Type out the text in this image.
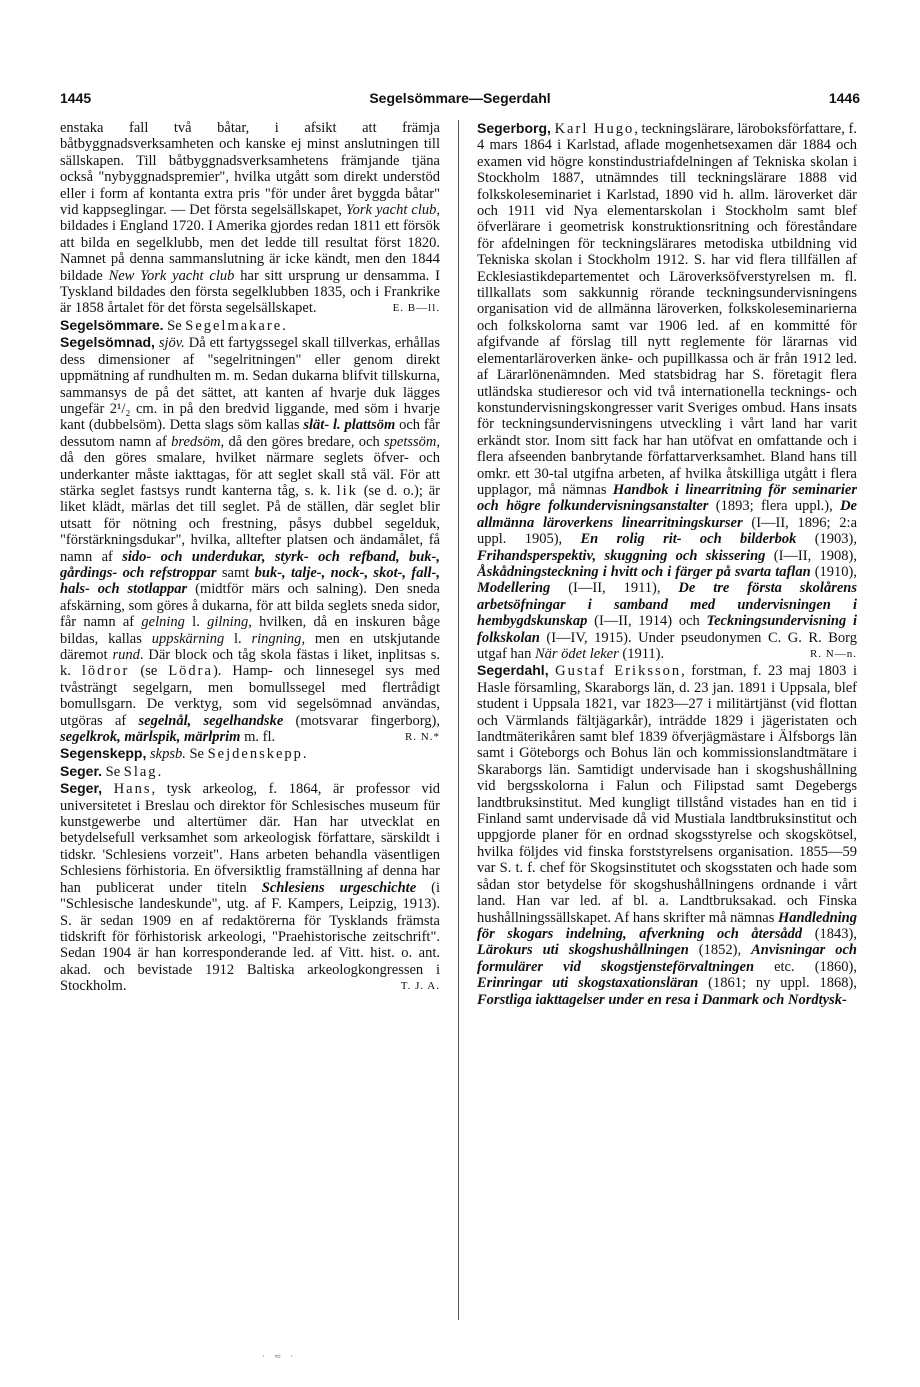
1445	Segelsömmare—Segerdahl	1446

enstaka fall två båtar, i afsikt att främja båtbyggnadsverksamheten och kanske ej minst anslutningen till sällskapen. Till båtbyggnadsverksamhetens främjande tjäna också "nybyggnadspremier", hvilka utgått som direkt understöd eller i form af kontanta extra pris "för under året byggda båtar" vid kappseglingar. — Det första segelsällskapet, York yacht club, bildades i England 1720. I Amerika gjordes redan 1811 ett försök att bilda en segelklubb, men det ledde till resultat först 1820. Namnet på denna sammanslutning är icke kändt, men den 1844 bildade New York yacht club har sitt ursprung ur densamma. I Tyskland bildades den första segelklubben 1835, och i Frankrike är 1858 årtalet för det första segelsällskapet.	E. B—ll.

Segelsömmare. Se Segelmakare.

Segelsömnad, sjöv. Då ett fartygssegel skall tillverkas, erhållas dess dimensioner af "segelritningen" eller genom direkt uppmätning af rundhulten m. m. Sedan dukarna blifvit tillskurna, sammansys de på det sättet, att kanten af hvarje duk lägges ungefär 2¹/₂ cm. in på den bredvid liggande, med söm i hvarje kant (dubbelsöm). Detta slags söm kallas slät- l. plattsöm och får dessutom namn af bredsöm, då den göres bredare, och spetssöm, då den göres smalare, hvilket närmare seglets öfver- och underkanter måste iakttagas, för att seglet skall stå väl. För att stärka seglet fastsys rundt kanterna tåg, s. k. lik (se d. o.); är liket klädt, märlas det till seglet. På de ställen, där seglet blir utsatt för nötning och frestning, påsys dubbel segelduk, "förstärkningsdukar", hvilka, alltefter platsen och ändamålet, få namn af sido- och underdukar, styrk- och refband, buk-, gårdings- och refstroppar samt buk-, talje-, nock-, skot-, fall-, hals- och stotlappar (midtför märs och salning). Den sneda afskärning, som göres å dukarna, för att bilda seglets sneda sidor, får namn af gelning l. gilning, hvilken, då en inskuren båge bildas, kallas uppskärning l. ringning, men en utskjutande däremot rund. Där block och tåg skola fästas i liket, inplitsas s. k. lödror (se Lödra). Hamp- och linnesegel sys med tvåsträngt segelgarn, men bomullssegel med flertrådigt bomullsgarn. De verktyg, som vid segelsömnad användas, utgöras af segelnål, segelhandske (motsvarar fingerborg), segelkrok, märlspik, märlprim m. fl.	R. N.*

Segenskepp, skpsb. Se Sejdenskepp.

Seger. Se Slag.

Seger, Hans, tysk arkeolog, f. 1864, är professor vid universitetet i Breslau och direktor för Schlesisches museum für kunstgewerbe und altertümer där. Han har utvecklat en betydelsefull verksamhet som arkeologisk författare, särskildt i tidskr. 'Schlesiens vorzeit". Hans arbeten behandla väsentligen Schlesiens förhistoria. En öfversiktlig framställning af denna har han publicerat under titeln Schlesiens urgeschichte (i "Schlesische landeskunde", utg. af F. Kampers, Leipzig, 1913). S. är sedan 1909 en af redaktörerna för Tysklands främsta tidskrift för förhistorisk arkeologi, "Praehistorische zeitschrift". Sedan 1904 är han korresponderande led. af Vitt. hist. o. ant. akad. och bevistade 1912 Baltiska arkeologkongressen i Stockholm.	T. J. A.

Segerborg, Karl Hugo, teckningslärare, läroboksförfattare, f. 4 mars 1864 i Karlstad, aflade mogenhetsexamen där 1884 och examen vid högre konstindustriafdelningen af Tekniska skolan i Stockholm 1887, utnämndes till teckningslärare 1888 vid folkskoleseminariet i Karlstad, 1890 vid h. allm. läroverket där och 1911 vid Nya elementarskolan i Stockholm samt blef öfverlärare i geometrisk konstruktionsritning och föreståndare för afdelningen för teckningslärares metodiska utbildning vid Tekniska skolan i Stockholm 1912. S. har vid flera tillfällen af Ecklesiastikdepartementet och Läroverksöfverstyrelsen m. fl. tillkallats som sakkunnig rörande teckningsundervisningens organisation vid de allmänna läroverken, folkskoleseminarierna och folkskolorna samt var 1906 led. af en kommitté för afgifvande af förslag till nytt reglemente för lärarnas vid elementarläroverken änke- och pupillkassa och är från 1912 led. af Lärarlönenämnden. Med statsbidrag har S. företagit flera utländska studieresor och vid två internationella tecknings- och konstundervisningskongresser varit Sveriges ombud. Hans insats för teckningsundervisningens utveckling i vårt land har varit erkändt stor. Inom sitt fack har han utöfvat en omfattande och i flera afseenden banbrytande författarverksamhet. Bland hans till omkr. ett 30-tal utgifna arbeten, af hvilka åtskilliga utgått i flera upplagor, må nämnas Handbok i linearritning för seminarier och högre folkundervisningsanstalter (1893; flera uppl.), De allmänna läroverkens linearritningskurser (I—II, 1896; 2:a uppl. 1905), En rolig rit- och bilderbok (1903), Frihandsperspektiv, skuggning och skissering (I—II, 1908), Åskådningsteckning i hvitt och i färger på svarta taflan (1910), Modellering (I—II, 1911), De tre första skolårens arbetsöfningar i samband med undervisningen i hembygdskunskap (I—II, 1914) och Teckningsundervisning i folkskolan (I—IV, 1915). Under pseudonymen C. G. R. Borg utgaf han När ödet leker (1911).	R. N—n.

Segerdahl, Gustaf Eriksson, forstman, f. 23 maj 1803 i Hasle församling, Skaraborgs län, d. 23 jan. 1891 i Uppsala, blef student i Uppsala 1821, var 1823—27 i militärtjänst (vid flottan och Värmlands fältjägarkår), inträdde 1829 i jägeristaten och landtmäterikåren samt blef 1839 öfverjägmästare i Älfsborgs län samt i Göteborgs och Bohus län och kommissionslandtmätare i Skaraborgs län. Samtidigt undervisade han i skogshushållning vid bergsskolorna i Falun och Filipstad samt Degebergs landtbruksinstitut. Med kungligt tillstånd vistades han en tid i Finland samt undervisade då vid Mustiala landtbruksinstitut och uppgjorde planer för en ordnad skogsstyrelse och skogskötsel, hvilka följdes vid finska forststyrelsens organisation. 1855—59 var S. t. f. chef för Skogsinstitutet och skogsstaten och hade som sådan stor betydelse för skogshushållningens ordnande i vårt land. Han var led. af bl. a. Landtbruksakad. och Finska hushållningssällskapet. Af hans skrifter må nämnas Handledning för skogars indelning, afverkning och återsådd (1843), Lärokurs uti skogshushållningen (1852), Anvisningar och formulärer vid skogstjensteförvaltningen etc. (1860), Erinringar uti skogstaxationsläran (1861; ny uppl. 1868), Forstliga iakttagelser under en resa i Danmark och Nordtysk-

· ≂ ·
